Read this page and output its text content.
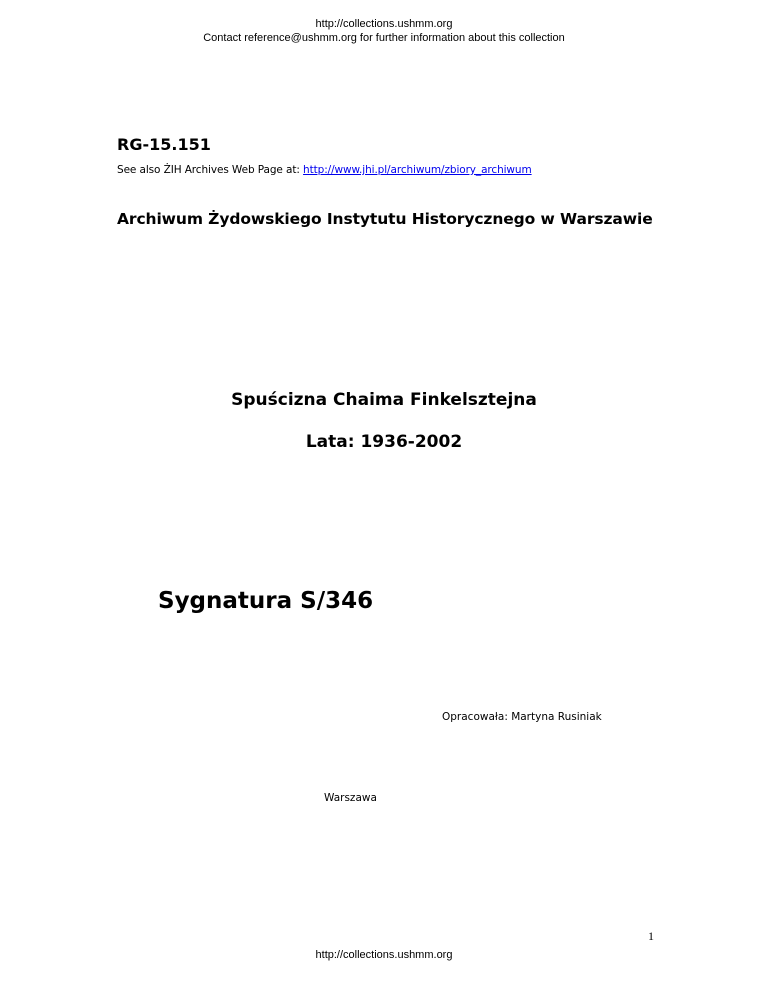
http://collections.ushmm.org
Contact reference@ushmm.org for further information about this collection
RG-15.151
See also ŻIH Archives Web Page at: http://www.jhi.pl/archiwum/zbiory_archiwum
Archiwum Żydowskiego Instytutu Historycznego w Warszawie
Spuścizna Chaima Finkelsztejna
Lata: 1936-2002
Sygnatura S/346
Opracowała: Martyna Rusiniak
Warszawa
1
http://collections.ushmm.org
